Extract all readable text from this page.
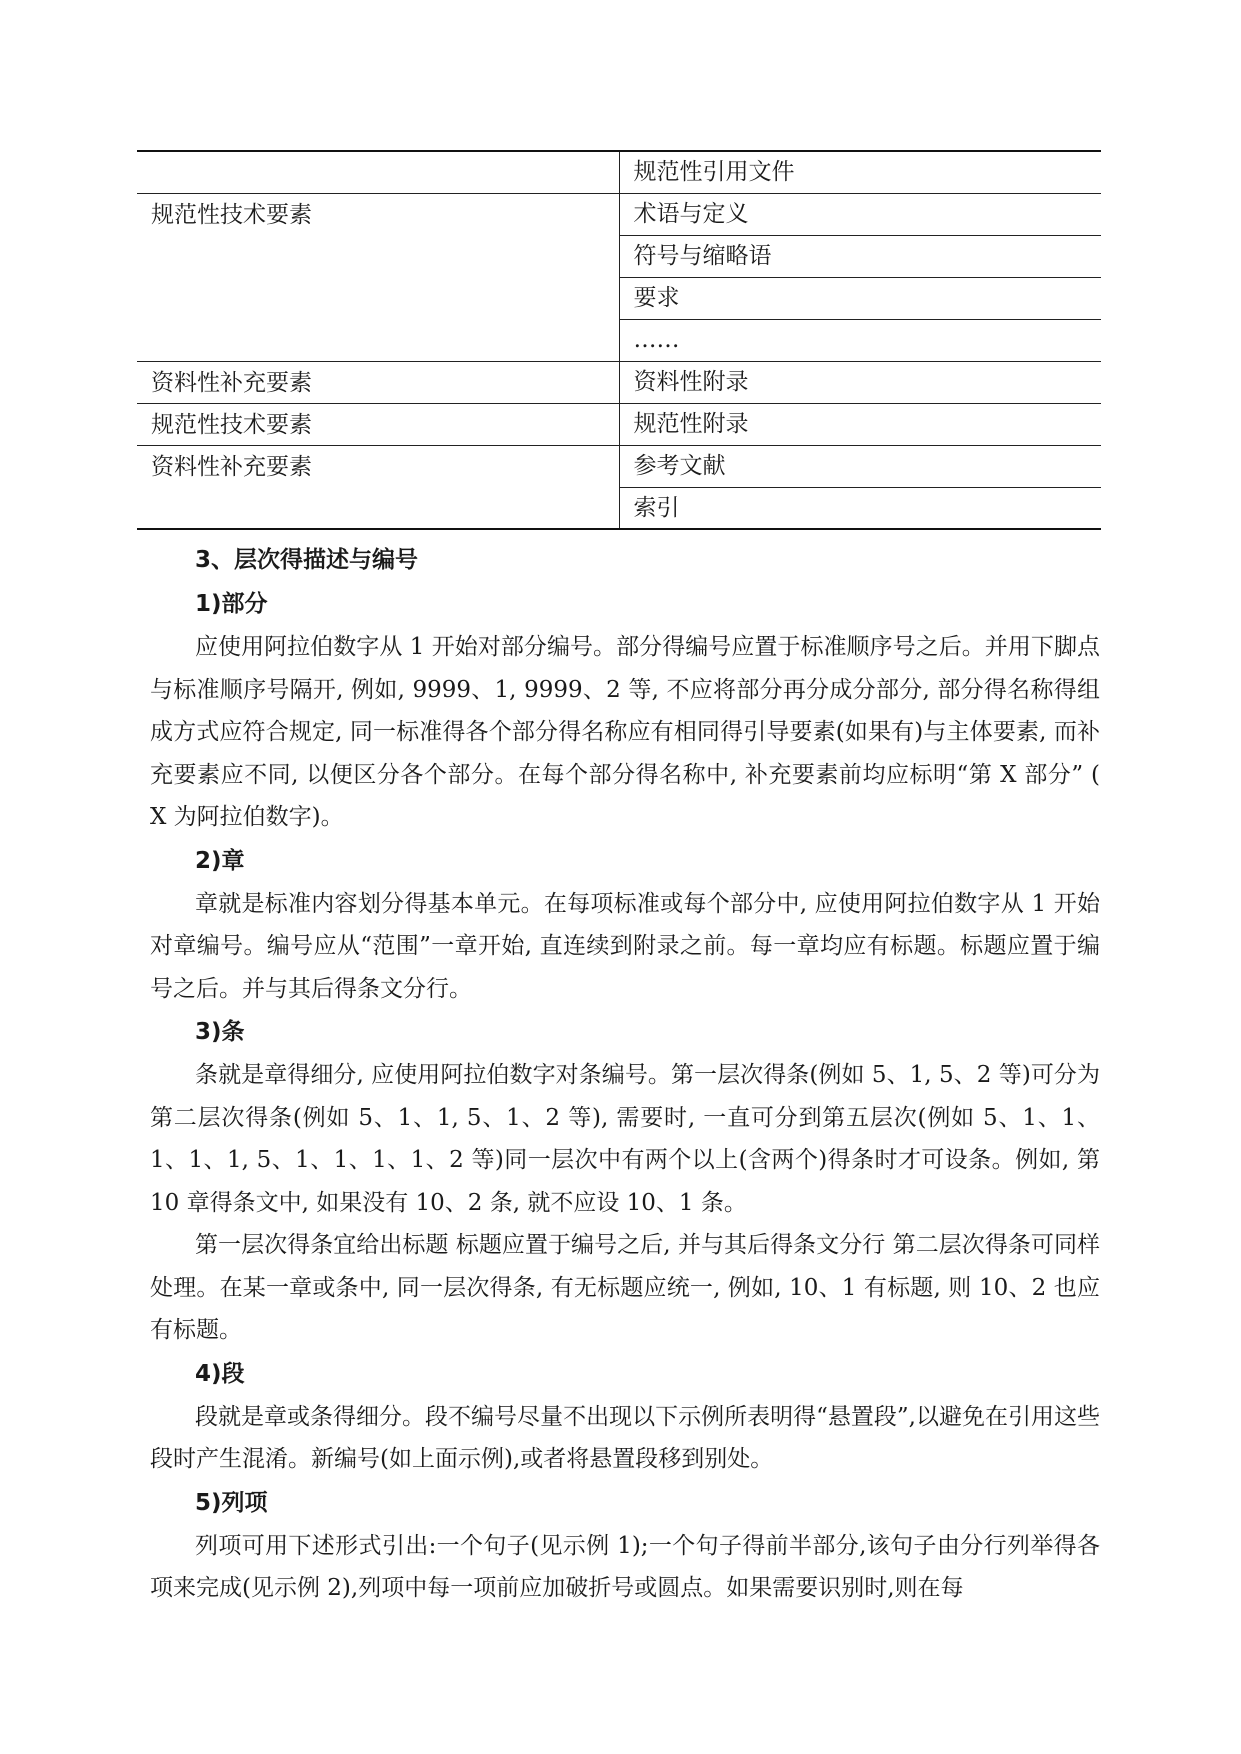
	规范性引用文件
规范性技术要素	术语与定义
	符号与缩略语
	要求
	……
资料性补充要素	资料性附录
规范性技术要素	规范性附录
资料性补充要素	参考文献
	索引
3、层次得描述与编号
1)部分

应使用阿拉伯数字从 1 开始对部分编号。部分得编号应置于标准顺序号之后。并用下脚点与标准顺序号隔开, 例如, 9999、1, 9999、2 等, 不应将部分再分成分部分, 部分得名称得组成方式应符合规定, 同一标准得各个部分得名称应有相同得引导要素(如果有)与主体要素, 而补充要素应不同, 以便区分各个部分。在每个部分得名称中, 补充要素前均应标明“第 X 部分” ( X 为阿拉伯数字)。

2)章

章就是标准内容划分得基本单元。在每项标准或每个部分中, 应使用阿拉伯数字从 1 开始对章编号。编号应从“范围”一章开始, 直连续到附录之前。每一章均应有标题。标题应置于编号之后。并与其后得条文分行。

3)条

条就是章得细分, 应使用阿拉伯数字对条编号。第一层次得条(例如 5、1, 5、2 等)可分为第二层次得条(例如 5、1、1, 5、1、2 等), 需要时, 一直可分到第五层次(例如 5、1、1、1、1、1, 5、1、1、1、1、2 等)同一层次中有两个以上(含两个)得条时才可设条。例如, 第 10 章得条文中, 如果没有 10、2 条, 就不应设 10、1 条。

第一层次得条宜给出标题 标题应置于编号之后, 并与其后得条文分行 第二层次得条可同样处理。在某一章或条中, 同一层次得条, 有无标题应统一, 例如, 10、1 有标题, 则 10、2 也应有标题。

4)段

段就是章或条得细分。段不编号尽量不出现以下示例所表明得“悬置段”,以避免在引用这些段时产生混淆。新编号(如上面示例),或者将悬置段移到别处。

5)列项

列项可用下述形式引出:一个句子(见示例 1);一个句子得前半部分,该句子由分行列举得各项来完成(见示例 2),列项中每一项前应加破折号或圆点。如果需要识别时,则在每
